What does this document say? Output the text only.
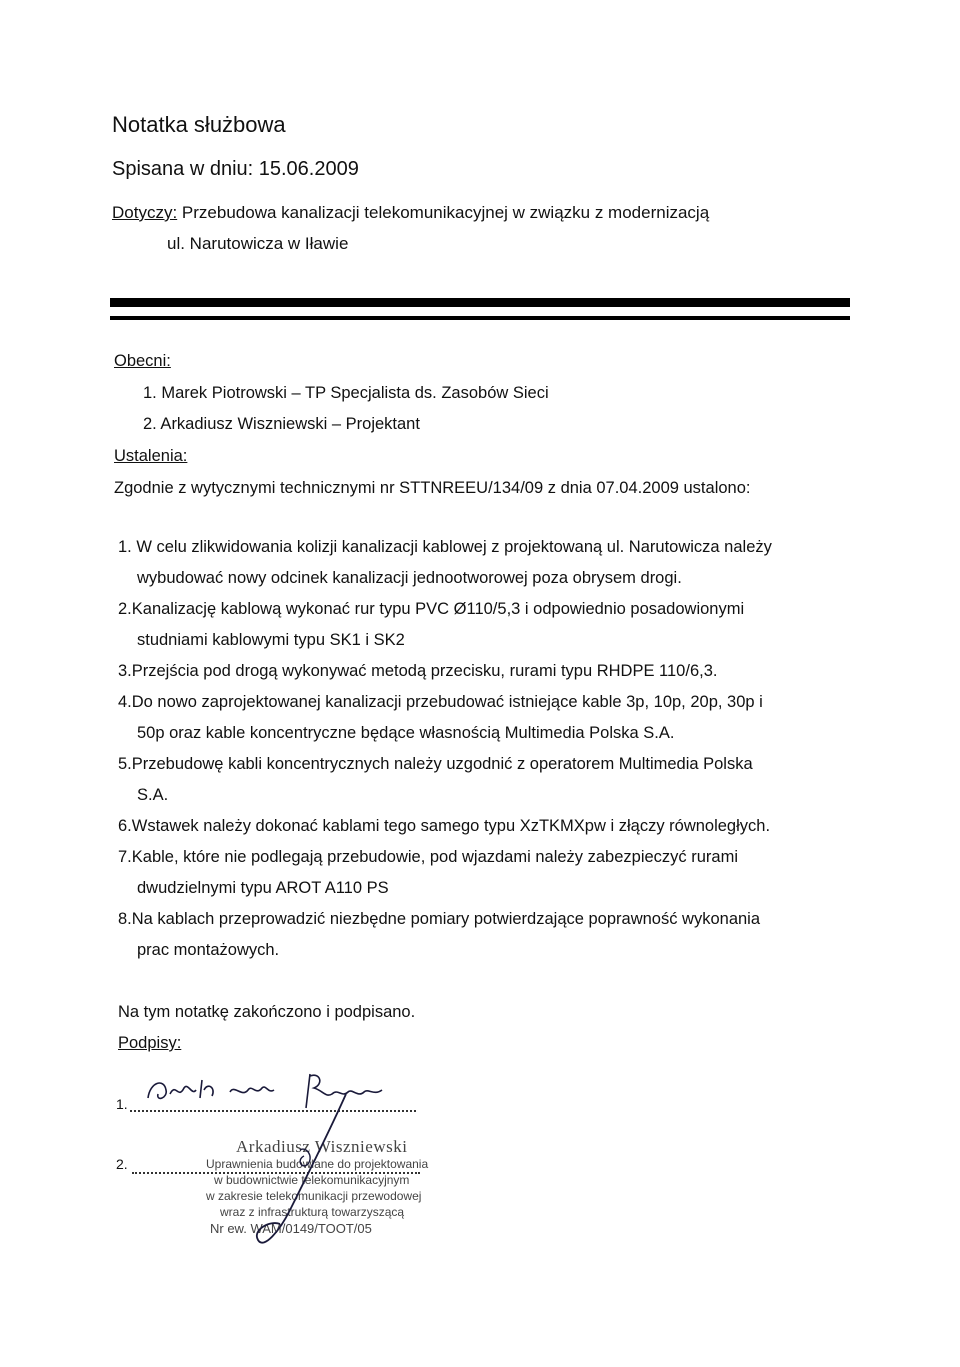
Notatka służbowa
Spisana w dniu: 15.06.2009
Dotyczy: Przebudowa kanalizacji telekomunikacyjnej w związku z modernizacją
ul. Narutowicza w Iławie
Obecni:
1. Marek Piotrowski – TP Specjalista ds. Zasobów Sieci
2. Arkadiusz Wiszniewski – Projektant
Ustalenia:
Zgodnie z wytycznymi technicznymi nr STTNREEU/134/09 z dnia 07.04.2009 ustalono:
1. W celu zlikwidowania kolizji kanalizacji kablowej z projektowaną ul. Narutowicza należy
wybudować nowy odcinek kanalizacji jednootworowej poza obrysem drogi.
2.Kanalizację kablową wykonać rur typu PVC Ø110/5,3 i odpowiednio posadowionymi
studniami kablowymi typu SK1 i SK2
3.Przejścia pod drogą wykonywać metodą przecisku, rurami typu RHDPE 110/6,3.
4.Do nowo zaprojektowanej kanalizacji przebudować istniejące kable 3p, 10p, 20p, 30p i
50p oraz kable koncentryczne będące własnością Multimedia Polska S.A.
5.Przebudowę kabli koncentrycznych należy uzgodnić z operatorem Multimedia Polska
S.A.
6.Wstawek należy dokonać kablami tego samego typu XzTKMXpw i złączy równoległych.
7.Kable, które nie podlegają przebudowie, pod wjazdami należy zabezpieczyć rurami
dwudzielnymi typu AROT A110 PS
8.Na kablach przeprowadzić niezbędne pomiary potwierdzające poprawność wykonania
prac montażowych.
Na tym notatkę zakończono i podpisano.
Podpisy:
1.
2.
Arkadiusz Wiszniewski
Uprawnienia budowlane do projektowania
w budownictwie telekomunikacyjnym
w zakresie telekomunikacji przewodowej
wraz z infrastrukturą towarzyszącą
Nr ew. WAM/0149/TOOT/05
